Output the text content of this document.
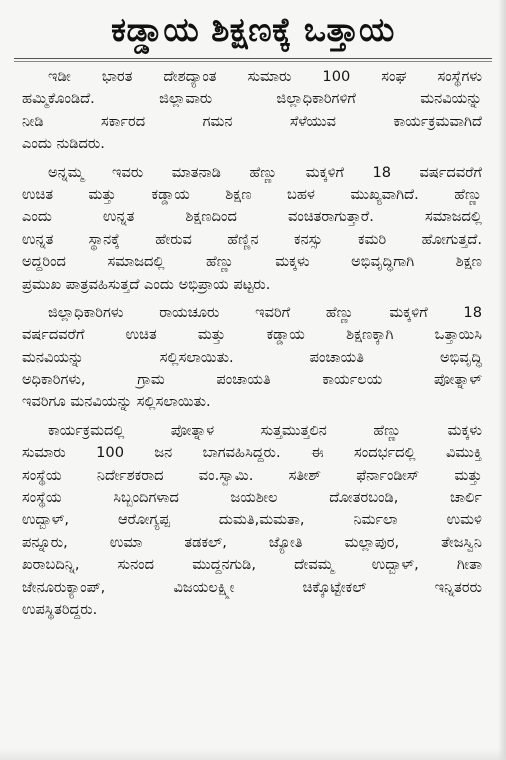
ಕಡ್ಡಾಯ ಶಿಕ್ಷಣಕ್ಕೆ ಒತ್ತಾಯ
ಇಡೀ ಭಾರತ ದೇಶದ್ಯಾಂತ ಸುಮಾರು 100 ಸಂಘ ಸಂಸ್ಥೆಗಳು
ಹಮ್ಮಿಕೊಂಡಿದೆ. ಜಿಲ್ಲಾವಾರು ಜಿಲ್ಲಾಧಿಕಾರಿಗಳಿಗೆ ಮನವಿಯನ್ನು
ನೀಡಿ ಸರ್ಕಾರದ ಗಮನ ಸೆಳೆಯುವ ಕಾರ್ಯಕ್ರಮವಾಗಿದೆ
ಎಂದು ನುಡಿದರು.
ಅನ್ನಮ್ಮ ಇವರು ಮಾತನಾಡಿ ಹೆಣ್ಣು ಮಕ್ಕಳಿಗೆ 18 ವರ್ಷದವರೆಗೆ
ಉಚಿತ ಮತ್ತು ಕಡ್ಡಾಯ ಶಿಕ್ಷಣ ಬಹಳ ಮುಖ್ಯವಾಗಿದೆ. ಹೆಣ್ಣು
ಎಂದು ಉನ್ನತ ಶಿಕ್ಷಣದಿಂದ ವಂಚಿತರಾಗುತ್ತಾರೆ. ಸಮಾಜದಲ್ಲಿ
ಉನ್ನತ ಸ್ಥಾನಕ್ಕೆ ಹೇರುವ ಹೆಣ್ಣಿನ ಕನಸ್ಸು ಕಮರಿ ಹೋಗುತ್ತದೆ.
ಅದ್ದರಿಂದ ಸಮಾಜದಲ್ಲಿ ಹೆಣ್ಣು ಮಕ್ಕಳು ಅಭಿವೃದ್ಧಿಗಾಗಿ ಶಿಕ್ಷಣ
ಪ್ರಮುಖ ಪಾತ್ರವಹಿಸುತ್ತದೆ ಎಂದು ಅಭಿಪ್ರಾಯ ಪಟ್ಟರು.
ಜಿಲ್ಲಾಧಿಕಾರಿಗಳು ರಾಯಚೂರು ಇವರಿಗೆ ಹೆಣ್ಣು ಮಕ್ಕಳಿಗೆ 18
ವರ್ಷದವರೆಗೆ ಉಚಿತ ಮತ್ತು ಕಡ್ಡಾಯ ಶಿಕ್ಷಣಕ್ಕಾಗಿ ಒತ್ತಾಯಿಸಿ
ಮನವಿಯನ್ನು ಸಲ್ಲಿಸಲಾಯಿತು. ಪಂಚಾಯತಿ ಅಭಿವೃದ್ಧಿ
ಅಧಿಕಾರಿಗಳು, ಗ್ರಾಮ ಪಂಚಾಯತಿ ಕಾರ್ಯಲಯ ಪೋತ್ನಾಳ್
ಇವರಿಗೂ ಮನವಿಯನ್ನು ಸಲ್ಲಿಸಲಾಯಿತು.
ಕಾರ್ಯಕ್ರಮದಲ್ಲಿ ಪೋತ್ನಾಳ ಸುತ್ತಮುತ್ತಲಿನ ಹೆಣ್ಣು ಮಕ್ಕಳು
ಸುಮಾರು 100 ಜನ ಬಾಗವಹಿಸಿದ್ದರು. ಈ ಸಂದರ್ಭದಲ್ಲಿ ವಿಮುಕ್ತಿ
ಸಂಸ್ಥೆಯ ನಿರ್ದೇಶಕರಾದ ವಂ.ಸ್ವಾಮಿ. ಸತೀಶ್ ಫೆರ್ನಾಂಡೀಸ್ ಮತ್ತು
ಸಂಸ್ಥೆಯ ಸಿಬ್ಬಂದಿಗಳಾದ ಜಯಶೀಲ ದೋತರಬಂಡಿ, ಚಾರ್ಲಿ
ಉದ್ಬಾಳ್, ಆರೋಗ್ಯಪ್ಪ ದುಮತಿ,ಮಮತಾ, ನಿರ್ಮಲಾ ಉಮಳಿ
ಪನ್ನೂರು, ಉಮಾ ತಡಕಲ್, ಜ್ಯೋತಿ ಮಲ್ಲಾಪುರ, ತೇಜಸ್ವಿನಿ
ಖರಾಬದಿನ್ನಿ, ಸುನಂದ ಮುದ್ದನಗುಡಿ, ದೇವಮ್ಮ ಉದ್ಬಾಳ್, ಗೀತಾ
ಜೇನೂರುಕ್ಯಾಂಪ್, ವಿಜಯಲಕ್ಷ್ಮೀ ಚಿಕ್ಕೊಟ್ಟೇಕಲ್ ಇನ್ನಿತರರು
ಉಪಸ್ಥಿತರಿದ್ದರು.
